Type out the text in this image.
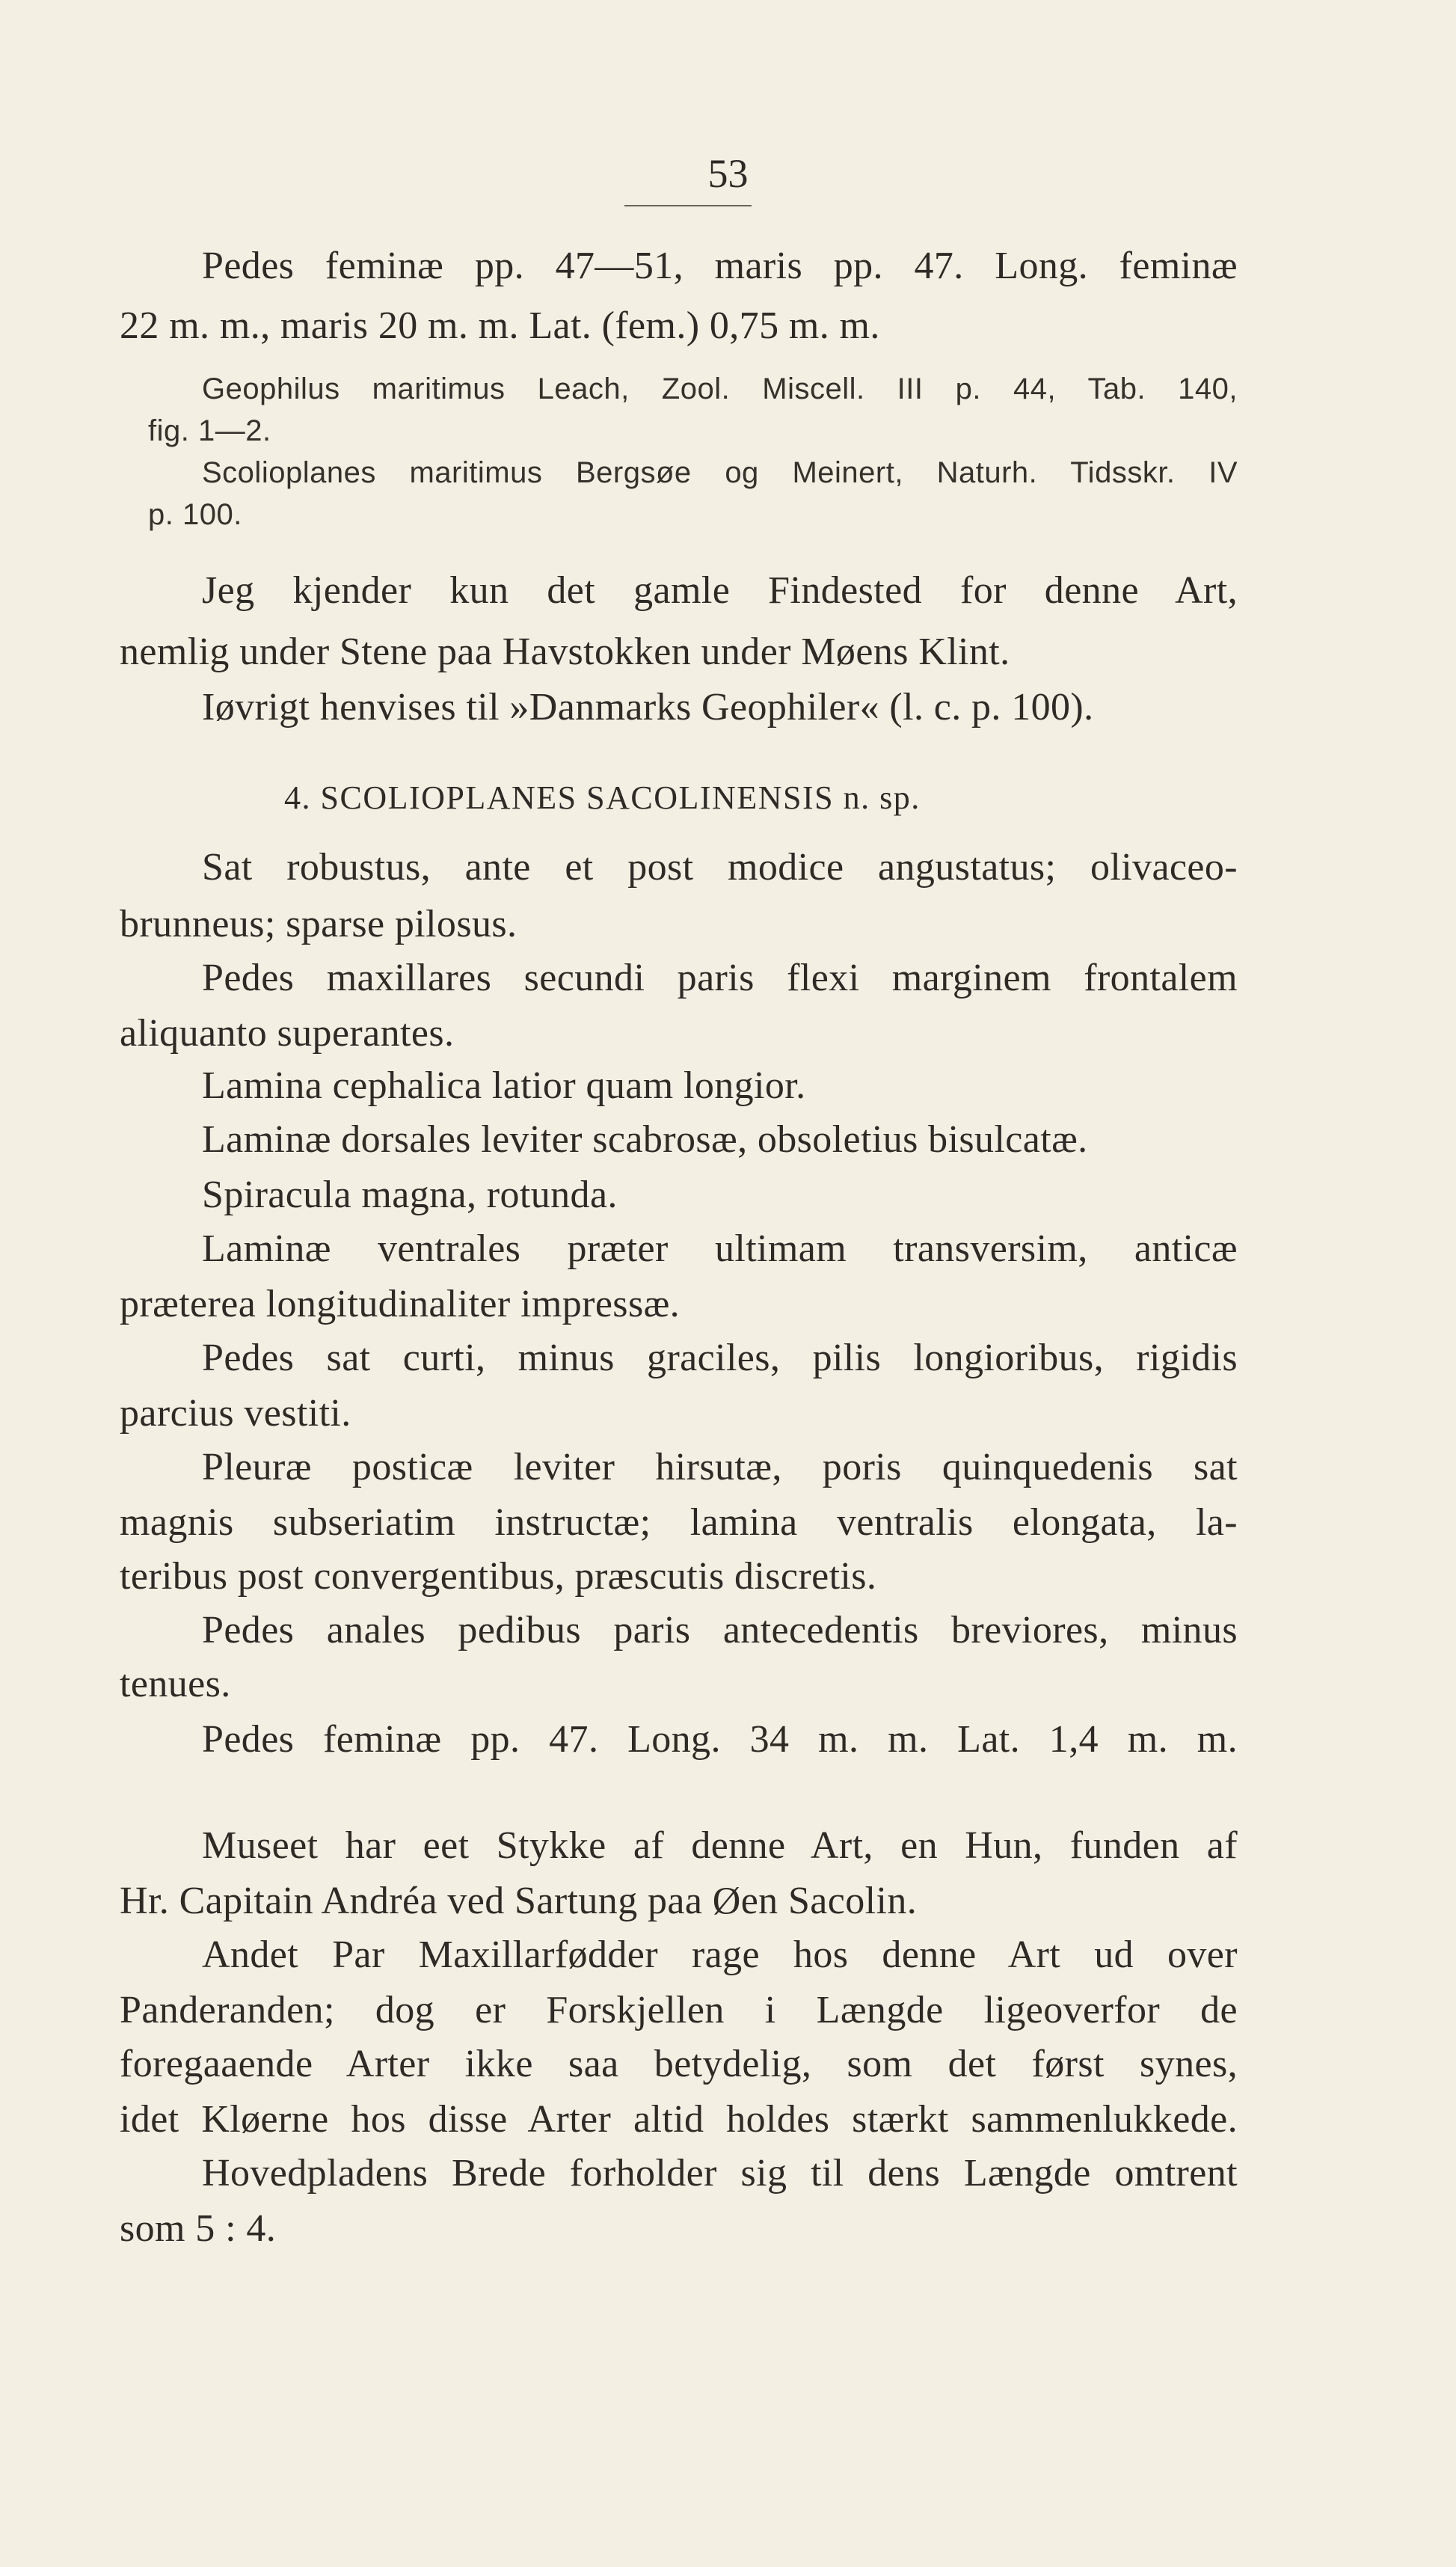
53
Pedes feminæ pp. 47—51, maris pp. 47. Long. feminæ
22 m. m., maris 20 m. m. Lat. (fem.) 0,75 m. m.
Geophilus maritimus Leach, Zool. Miscell. III p. 44, Tab. 140,
fig. 1—2.
Scolioplanes maritimus Bergsøe og Meinert, Naturh. Tidsskr. IV
p. 100.
Jeg kjender kun det gamle Findested for denne Art,
nemlig under Stene paa Havstokken under Møens Klint.
Iøvrigt henvises til »Danmarks Geophiler« (l. c. p. 100).
4. SCOLIOPLANES SACOLINENSIS n. sp.
Sat robustus, ante et post modice angustatus; olivaceo-
brunneus; sparse pilosus.
Pedes maxillares secundi paris flexi marginem frontalem
aliquanto superantes.
Lamina cephalica latior quam longior.
Laminæ dorsales leviter scabrosæ, obsoletius bisulcatæ.
Spiracula magna, rotunda.
Laminæ ventrales præter ultimam transversim, anticæ
præterea longitudinaliter impressæ.
Pedes sat curti, minus graciles, pilis longioribus, rigidis
parcius vestiti.
Pleuræ posticæ leviter hirsutæ, poris quinquedenis sat
magnis subseriatim instructæ; lamina ventralis elongata, la-
teribus post convergentibus, præscutis discretis.
Pedes anales pedibus paris antecedentis breviores, minus
tenues.
Pedes feminæ pp. 47. Long. 34 m. m. Lat. 1,4 m. m.
Museet har eet Stykke af denne Art, en Hun, funden af
Hr. Capitain Andréa ved Sartung paa Øen Sacolin.
Andet Par Maxillarfødder rage hos denne Art ud over
Panderanden; dog er Forskjellen i Længde ligeoverfor de
foregaaende Arter ikke saa betydelig, som det først synes,
idet Kløerne hos disse Arter altid holdes stærkt sammenlukkede.
Hovedpladens Brede forholder sig til dens Længde omtrent
som 5 : 4.
